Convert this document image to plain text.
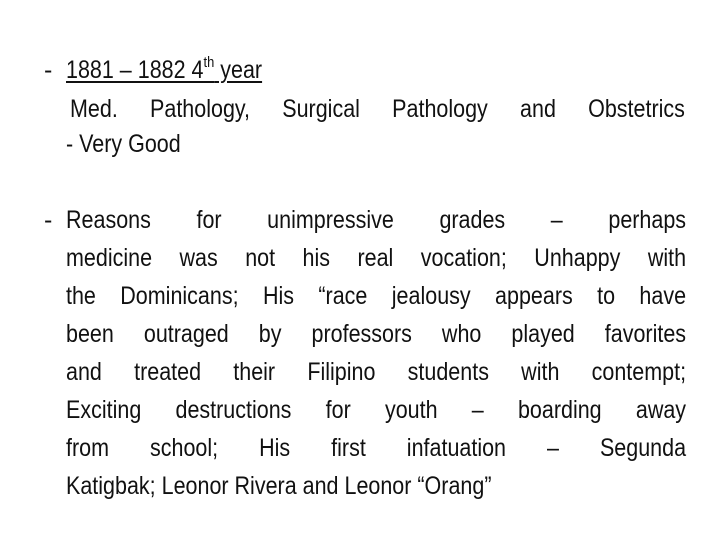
- 1881 – 1882 4th year
Med. Pathology, Surgical Pathology and Obstetrics
- Very Good
- Reasons for unimpressive grades – perhaps
medicine was not his real vocation; Unhappy with
the Dominicans; His “race jealousy appears to have
been outraged by professors who played favorites
and treated their Filipino students with contempt;
Exciting destructions for youth – boarding away
from school; His first infatuation – Segunda
Katigbak; Leonor Rivera and Leonor “Orang”
